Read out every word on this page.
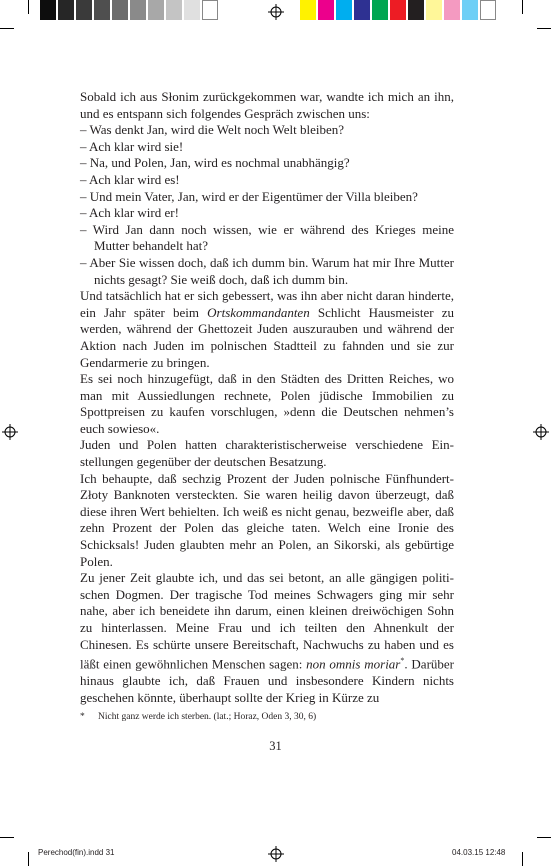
Sobald ich aus Słonim zurückgekommen war, wandte ich mich an ihn, und es entspann sich folgendes Gespräch zwischen uns:

– Was denkt Jan, wird die Welt noch Welt bleiben?

– Ach klar wird sie!

– Na, und Polen, Jan, wird es nochmal unabhängig?

– Ach klar wird es!

– Und mein Vater, Jan, wird er der Eigentümer der Villa bleiben?

– Ach klar wird er!

– Wird Jan dann noch wissen, wie er während des Krieges meine Mutter behandelt hat?

– Aber Sie wissen doch, daß ich dumm bin. Warum hat mir Ihre Mutter nichts gesagt? Sie weiß doch, daß ich dumm bin.

Und tatsächlich hat er sich gebessert, was ihn aber nicht daran hinderte, ein Jahr später beim Ortskommandanten Schlicht Hausmeister zu werden, während der Ghettozeit Juden auszurauben und während der Aktion nach Juden im polnischen Stadtteil zu fahnden und sie zur Gendarmerie zu bringen.

Es sei noch hinzugefügt, daß in den Städten des Dritten Reiches, wo man mit Aussiedlungen rechnete, Polen jüdische Immobilien zu Spottpreisen zu kaufen vorschlugen, »denn die Deutschen nehmen’s euch sowieso«.

Juden und Polen hatten charakteristischerweise verschiedene Einstellungen gegenüber der deutschen Besatzung.

Ich behaupte, daß sechzig Prozent der Juden polnische Fünfhundert-Złoty Banknoten versteckten. Sie waren heilig davon überzeugt, daß diese ihren Wert behielten. Ich weiß es nicht genau, bezweifle aber, daß zehn Prozent der Polen das gleiche taten. Welch eine Ironie des Schicksals! Juden glaubten mehr an Polen, an Sikorski, als gebürtige Polen.

Zu jener Zeit glaubte ich, und das sei betont, an alle gängigen politischen Dogmen. Der tragische Tod meines Schwagers ging mir sehr nahe, aber ich beneidete ihn darum, einen kleinen dreiwöchigen Sohn zu hinterlassen. Meine Frau und ich teilten den Ahnenkult der Chinesen. Es schürte unsere Bereitschaft, Nachwuchs zu haben und es läßt einen gewöhnlichen Menschen sagen: non omnis moriar*. Darüber hinaus glaubte ich, daß Frauen und insbesondere Kindern nichts geschehen könnte, überhaupt sollte der Krieg in Kürze zu

* Nicht ganz werde ich sterben. (lat.; Horaz, Oden 3, 30, 6)
31
Perechod(fin).indd 31	04.03.15 12:48
